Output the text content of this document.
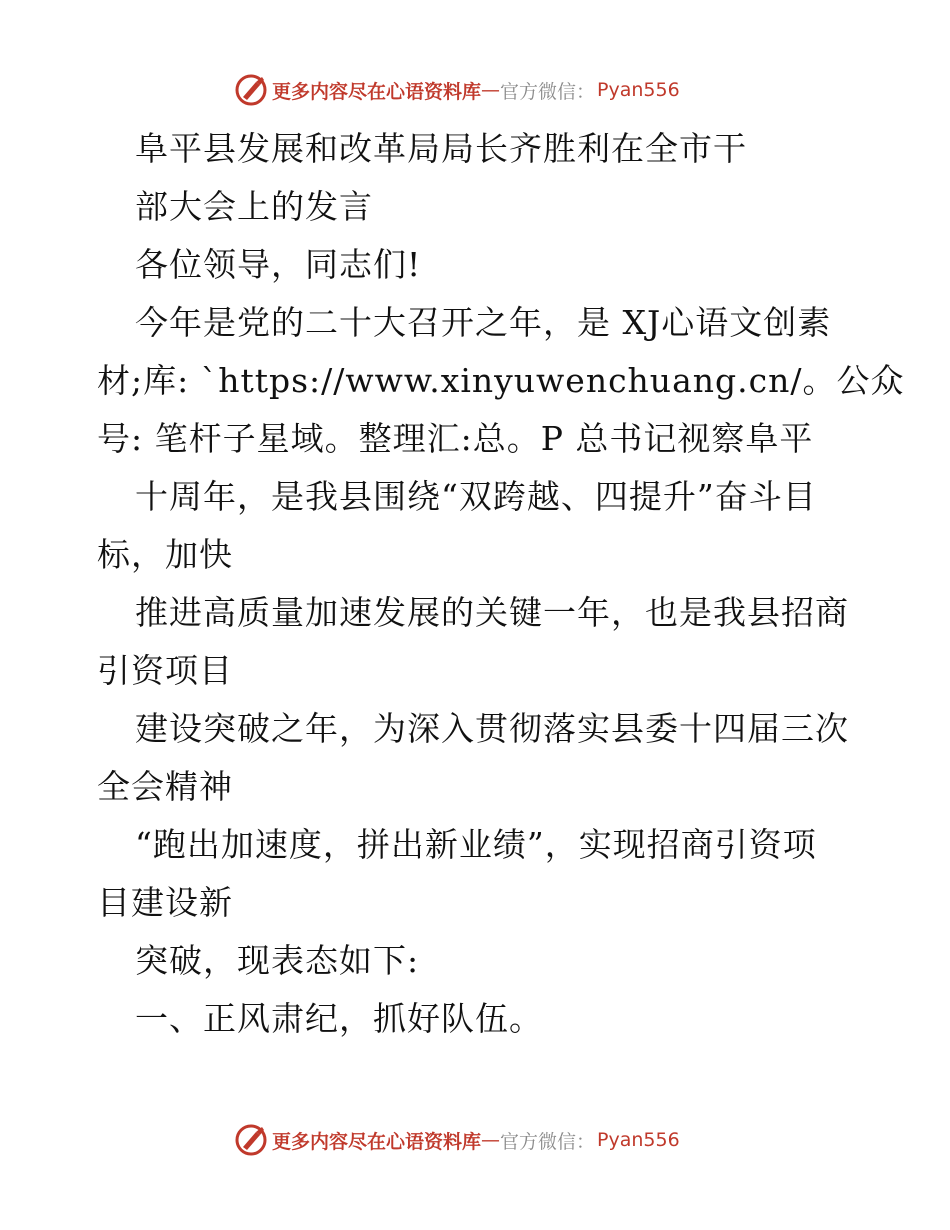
更多内容尽在心语资料库 — 官方微信： Pyan556
阜平县发展和改革局局长齐胜利在全市干
部大会上的发言
各位领导，同志们!
今年是党的二十大召开之年，是 XJ心语文创素
材;库: `https://www.xinyuwenchuang.cn/。公众
号: 笔杆子星域。整理汇:总。P 总书记视察阜平
十周年，是我县围绕“双跨越、四提升”奋斗目
标，加快
推进高质量加速发展的关键一年，也是我县招商
引资项目
建设突破之年，为深入贯彻落实县委十四届三次
全会精神
“跑出加速度，拼出新业绩”，实现招商引资项
目建设新
突破，现表态如下:
一、正风肃纪，抓好队伍。
更多内容尽在心语资料库 — 官方微信： Pyan556
